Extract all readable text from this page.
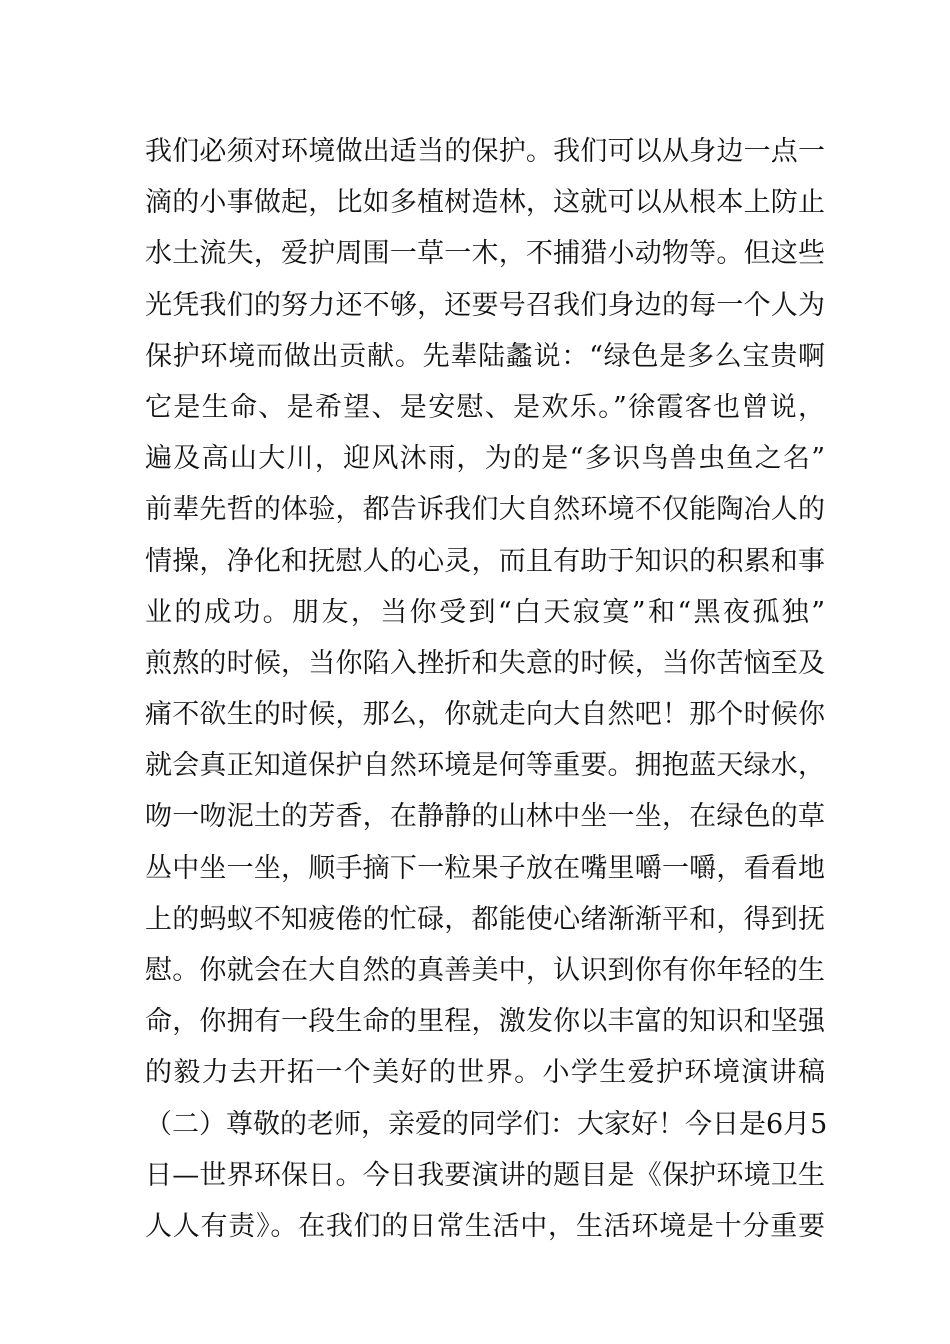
我们必须对环境做出适当的保护。我们可以从身边一点一
滴的小事做起，比如多植树造林，这就可以从根本上防止
水土流失，爱护周围一草一木，不捕猎小动物等。但这些
光凭我们的努力还不够，还要号召我们身边的每一个人为
保护环境而做出贡献。先辈陆蠡说：“绿色是多么宝贵啊
它是生命、是希望、是安慰、是欢乐。”徐霞客也曾说，
遍及高山大川，迎风沐雨，为的是“多识鸟兽虫鱼之名”
前辈先哲的体验，都告诉我们大自然环境不仅能陶冶人的
情操，净化和抚慰人的心灵，而且有助于知识的积累和事
业的成功。朋友，当你受到“白天寂寞”和“黑夜孤独”
煎熬的时候，当你陷入挫折和失意的时候，当你苦恼至及
痛不欲生的时候，那么，你就走向大自然吧！那个时候你
就会真正知道保护自然环境是何等重要。拥抱蓝天绿水，
吻一吻泥土的芳香，在静静的山林中坐一坐，在绿色的草
丛中坐一坐，顺手摘下一粒果子放在嘴里嚼一嚼，看看地
上的蚂蚁不知疲倦的忙碌，都能使心绪渐渐平和，得到抚
慰。你就会在大自然的真善美中，认识到你有你年轻的生
命，你拥有一段生命的里程，激发你以丰富的知识和坚强
的毅力去开拓一个美好的世界。小学生爱护环境演讲稿
（二）尊敬的老师，亲爱的同学们：大家好！今日是6月5
日—世界环保日。今日我要演讲的题目是《保护环境卫生
人人有责》。在我们的日常生活中，生活环境是十分重要
